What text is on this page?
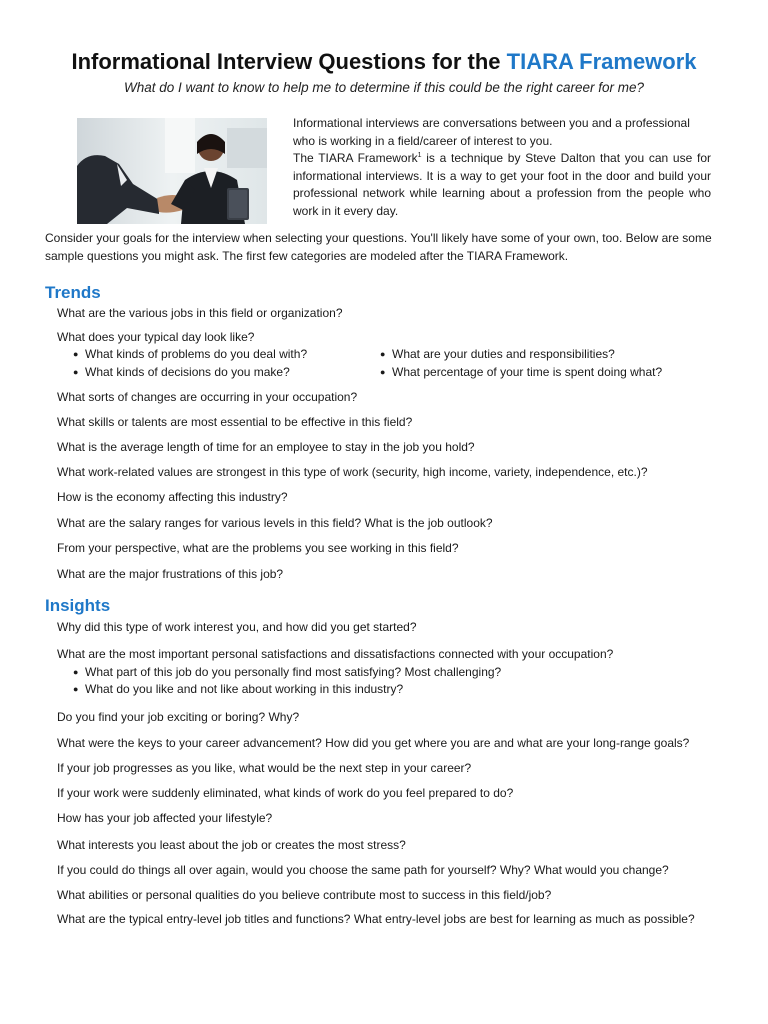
Informational Interview Questions for the TIARA Framework
What do I want to know to help me to determine if this could be the right career for me?
Informational interviews are conversations between you and a professional who is working in a field/career of interest to you.
The TIARA Framework$^1$ is a technique by Steve Dalton that you can use for informational interviews. It is a way to get your foot in the door and build your professional network while learning about a profession from the people who work in it every day.
Consider your goals for the interview when selecting your questions. You'll likely have some of your own, too. Below are some sample questions you might ask. The first few categories are modeled after the TIARA Framework.
Trends
What are the various jobs in this field or organization?
What does your typical day look like?
● What kinds of problems do you deal with?
● What kinds of decisions do you make?
● What are your duties and responsibilities?
● What percentage of your time is spent doing what?
What sorts of changes are occurring in your occupation?
What skills or talents are most essential to be effective in this field?
What is the average length of time for an employee to stay in the job you hold?
What work-related values are strongest in this type of work (security, high income, variety, independence, etc.)?
How is the economy affecting this industry?
What are the salary ranges for various levels in this field? What is the job outlook?
From your perspective, what are the problems you see working in this field?
What are the major frustrations of this job?
Insights
Why did this type of work interest you, and how did you get started?
What are the most important personal satisfactions and dissatisfactions connected with your occupation?
● What part of this job do you personally find most satisfying? Most challenging?
● What do you like and not like about working in this industry?
Do you find your job exciting or boring? Why?
What were the keys to your career advancement? How did you get where you are and what are your long-range goals?
If your job progresses as you like, what would be the next step in your career?
If your work were suddenly eliminated, what kinds of work do you feel prepared to do?
How has your job affected your lifestyle?
What interests you least about the job or creates the most stress?
If you could do things all over again, would you choose the same path for yourself? Why? What would you change?
What abilities or personal qualities do you believe contribute most to success in this field/job?
What are the typical entry-level job titles and functions? What entry-level jobs are best for learning as much as possible?
